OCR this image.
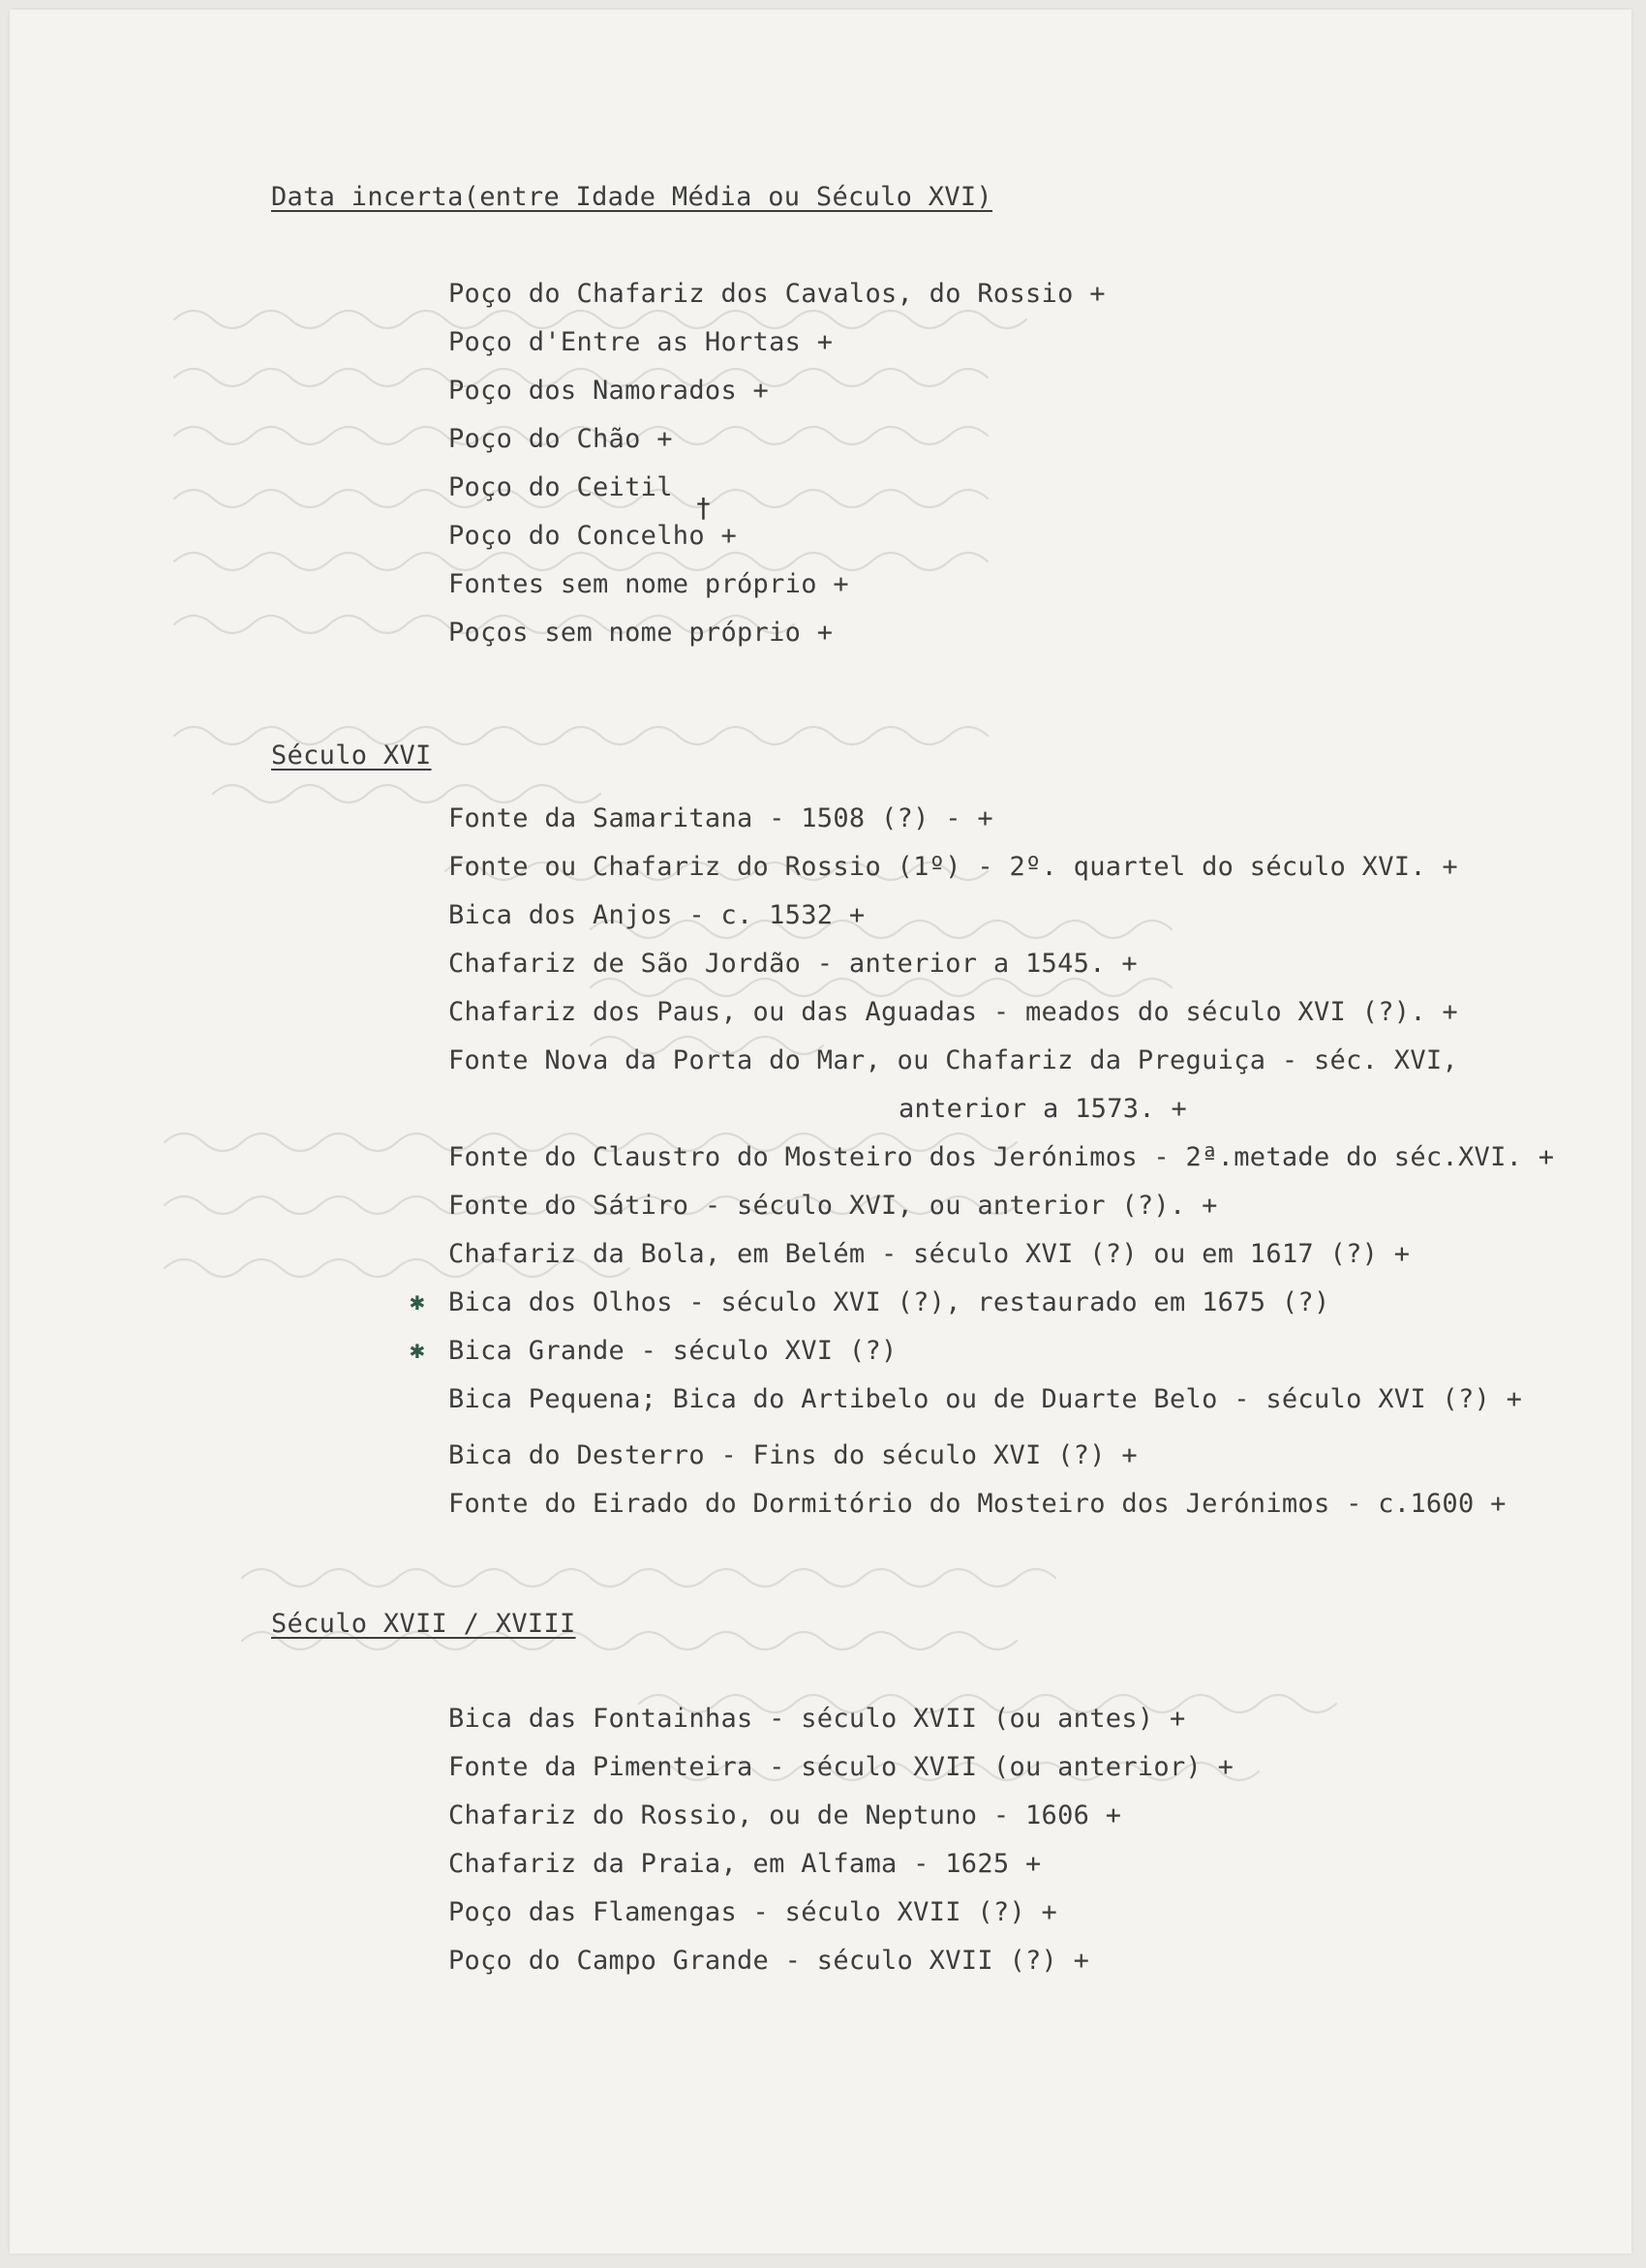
Data incerta(entre Idade Média ou Século XVI)
Poço do Chafariz dos Cavalos, do Rossio +
Poço d'Entre as Hortas +
Poço dos Namorados +
Poço do Chão +
Poço do Ceitil
†
Poço do Concelho +
Fontes sem nome próprio +
Poços sem nome próprio +
Século XVI
Fonte da Samaritana - 1508 (?) - +
Fonte ou Chafariz do Rossio (1º) - 2º. quartel do século XVI. +
Bica dos Anjos - c. 1532 +
Chafariz de São Jordão - anterior a 1545. +
Chafariz dos Paus, ou das Aguadas - meados do século XVI (?). +
Fonte Nova da Porta do Mar, ou Chafariz da Preguiça - séc. XVI,
anterior a 1573. +
Fonte do Claustro do Mosteiro dos Jerónimos - 2ª.metade do séc.XVI. +
Fonte do Sátiro - século XVI, ou anterior (?). +
Chafariz da Bola, em Belém - século XVI (?) ou em 1617 (?) +
✱ Bica dos Olhos - século XVI (?), restaurado em 1675 (?)
✱ Bica Grande - século XVI (?)
Bica Pequena; Bica do Artibelo ou de Duarte Belo - século XVI (?) +
Bica do Desterro - Fins do século XVI (?) +
Fonte do Eirado do Dormitório do Mosteiro dos Jerónimos - c.1600 +
Século XVII / XVIII
Bica das Fontainhas - século XVII (ou antes) +
Fonte da Pimenteira - século XVII (ou anterior) +
Chafariz do Rossio, ou de Neptuno - 1606 +
Chafariz da Praia, em Alfama - 1625 +
Poço das Flamengas - século XVII (?) +
Poço do Campo Grande - século XVII (?) +
